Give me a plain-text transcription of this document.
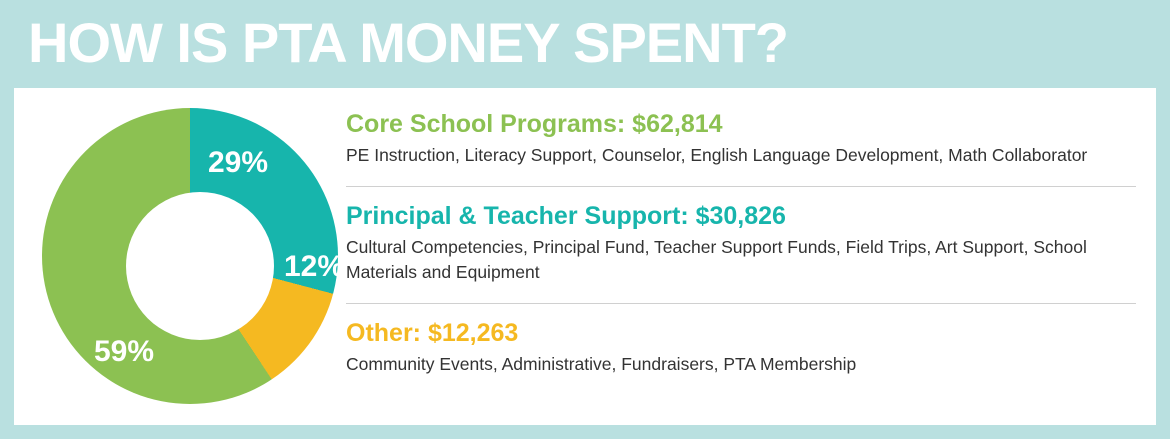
HOW IS PTA MONEY SPENT?
29%
12%
59%
Core School Programs: $62,814
PE Instruction, Literacy Support, Counselor, English Language Development, Math Collaborator
Principal & Teacher Support: $30,826
Cultural Competencies, Principal Fund, Teacher Support Funds, Field Trips, Art Support, School Materials and Equipment
Other: $12,263
Community Events, Administrative, Fundraisers, PTA Membership
